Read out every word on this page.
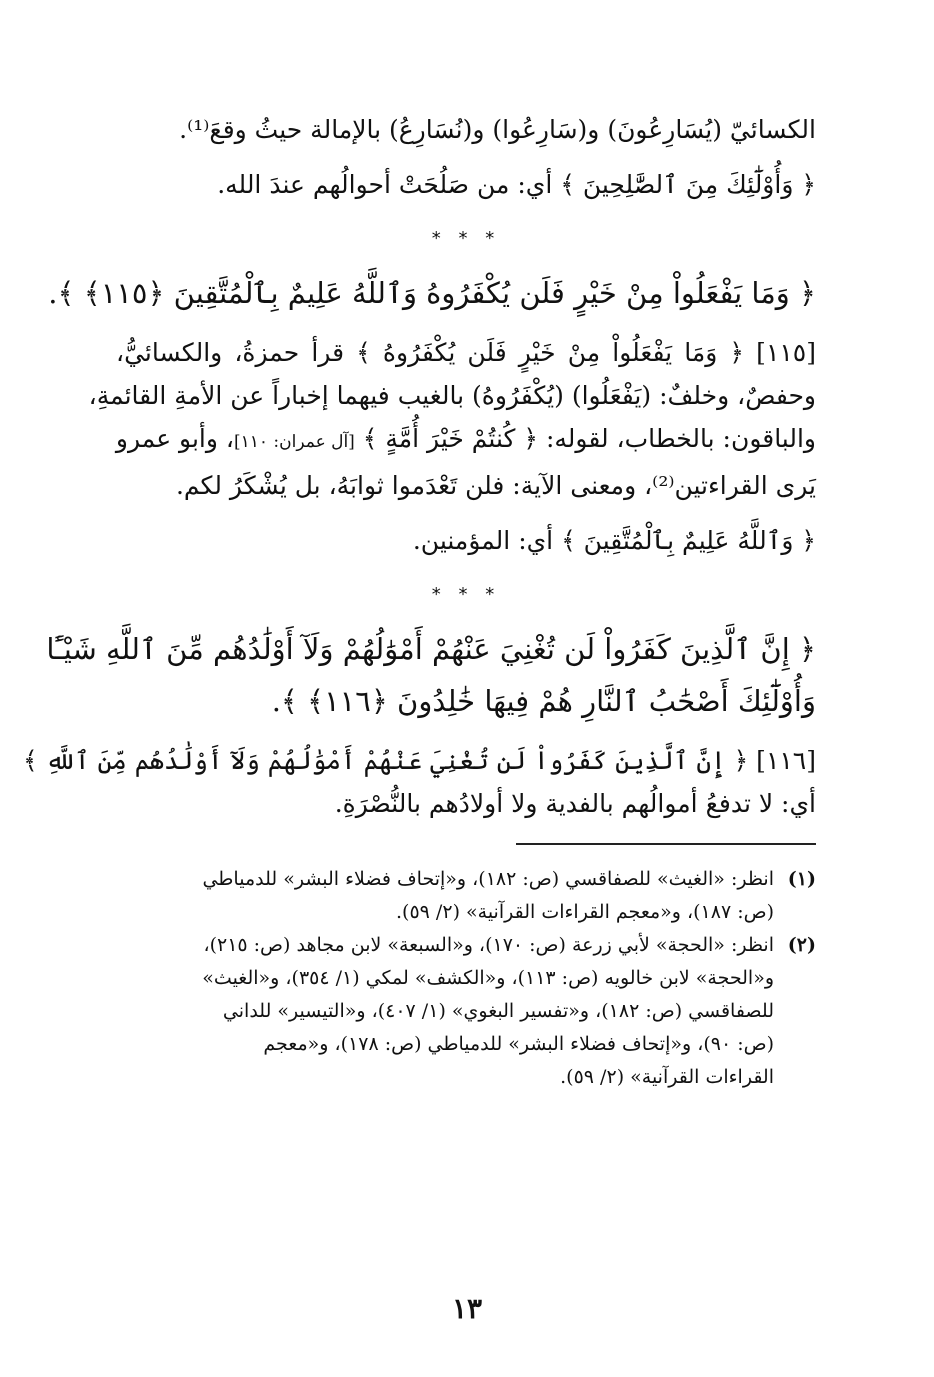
الكسائيّ (يُسَارِعُونَ) و(سَارِعُوا) و(نُسَارِعُ) بالإمالة حيثُ وقعَ⁽¹⁾.

﴿ وَأُوْلَٰٓئِكَ مِنَ ٱلصَّٰلِحِينَ ﴾ أي: من صَلُحَتْ أحوالُهم عندَ الله.

* * *

﴿ وَمَا يَفْعَلُواْ مِنْ خَيْرٍ فَلَن يُكْفَرُوهُ وَٱللَّهُ عَلِيمٌ بِٱلْمُتَّقِينَ ﴿١١٥﴾ ﴾.

[١١٥] ﴿ وَمَا يَفْعَلُواْ مِنْ خَيْرٍ فَلَن يُكْفَرُوهُ ﴾ قرأ حمزةُ، والكسائيُّ،

وحفصٌ، وخلفٌ: (يَفْعَلُوا) (يُكْفَرُوهُ) بالغيب فيهما إخباراً عن الأمةِ القائمةِ،

والباقون: بالخطاب، لقوله: ﴿ كُنتُمْ خَيْرَ أُمَّةٍ ﴾ [آل عمران: ١١٠]، وأبو عمرو

يَرى القراءتين⁽²⁾، ومعنى الآية: فلن تَعْدَموا ثوابَهُ، بل يُشْكَرُ لكم.

﴿ وَٱللَّهُ عَلِيمٌ بِٱلْمُتَّقِينَ ﴾ أي: المؤمنين.

* * *

﴿ إِنَّ ٱلَّذِينَ كَفَرُواْ لَن تُغْنِيَ عَنْهُمْ أَمْوَٰلُهُمْ وَلَآ أَوْلَٰدُهُم مِّنَ ٱللَّهِ شَيْـًٔا

وَأُوْلَٰٓئِكَ أَصْحَٰبُ ٱلنَّارِ هُمْ فِيهَا خَٰلِدُونَ ﴿١١٦﴾ ﴾.

[١١٦] ﴿ إِنَّ ٱلَّذِينَ كَفَرُواْ لَن تُغْنِيَ عَنْهُمْ أَمْوَٰلُهُمْ وَلَآ أَوْلَٰدُهُم مِّنَ ٱللَّهِ ﴾

أي: لا تدفعُ أموالُهم بالفدية ولا أولادُهم بالنُّصْرَةِ.

(١)انظر: «الغيث» للصفاقسي (ص: ١٨٢)، و«إتحاف فضلاء البشر» للدمياطي

(ص: ١٨٧)، و«معجم القراءات القرآنية» (٢/ ٥٩).

(٢)انظر: «الحجة» لأبي زرعة (ص: ١٧٠)، و«السبعة» لابن مجاهد (ص: ٢١٥)،

و«الحجة» لابن خالويه (ص: ١١٣)، و«الكشف» لمكي (١/ ٣٥٤)، و«الغيث»

للصفاقسي (ص: ١٨٢)، و«تفسير البغوي» (١/ ٤٠٧)، و«التيسير» للداني

(ص: ٩٠)، و«إتحاف فضلاء البشر» للدمياطي (ص: ١٧٨)، و«معجم

القراءات القرآنية» (٢/ ٥٩).

١٣
